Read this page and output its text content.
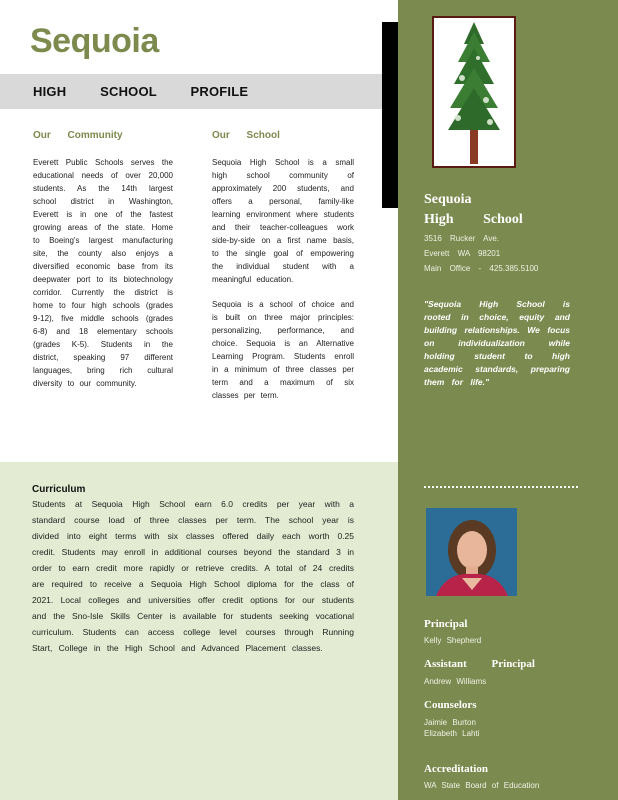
Sequoia
HIGH SCHOOL PROFILE
Our Community

Everett Public Schools serves the educational needs of over 20,000 students. As the 14th largest school district in Washington, Everett is in one of the fastest growing areas of the state. Home to Boeing's largest manufacturing site, the county also enjoys a diversified economic base from its deepwater port to its biotechnology corridor. Currently the district is home to four high schools (grades 9-12), five middle schools (grades 6-8) and 18 elementary schools (grades K-5). Students in the district, speaking 97 different languages, bring rich cultural diversity to our community.

Our School

Sequoia High School is a small high school community of approximately 200 students, and offers a personal, family-like learning environment where students and their teacher-colleagues work side-by-side on a first name basis, to the single goal of empowering the individual student with a meaningful education.

Sequoia is a school of choice and is built on three major principles: personalizing, performance, and choice. Sequoia is an Alternative Learning Program. Students enroll in a minimum of three classes per term and a maximum of six classes per term.

Curriculum
Students at Sequoia High School earn 6.0 credits per year with a standard course load of three classes per term. The school year is divided into eight terms with six classes offered daily each worth 0.25 credit. Students may enroll in additional courses beyond the standard 3 in order to earn credit more rapidly or retrieve credits. A total of 24 credits are required to receive a Sequoia High School diploma for the class of 2021. Local colleges and universities offer credit options for our students and the Sno-Isle Skills Center is available for students seeking vocational curriculum. Students can access college level courses through Running Start, College in the High School and Advanced Placement classes.
Sequoia
High School
3516 Rucker Ave.
Everett WA 98201
Main Office - 425.385.5100
"Sequoia High School is rooted in choice, equity and building relationships. We focus on individualization while holding student to high academic standards, preparing them for life."
Principal
Kelly Shepherd
Assistant Principal
Andrew Williams
Counselors
Jaimie Burton
Elizabeth Lahti
Accreditation
WA State Board of Education
